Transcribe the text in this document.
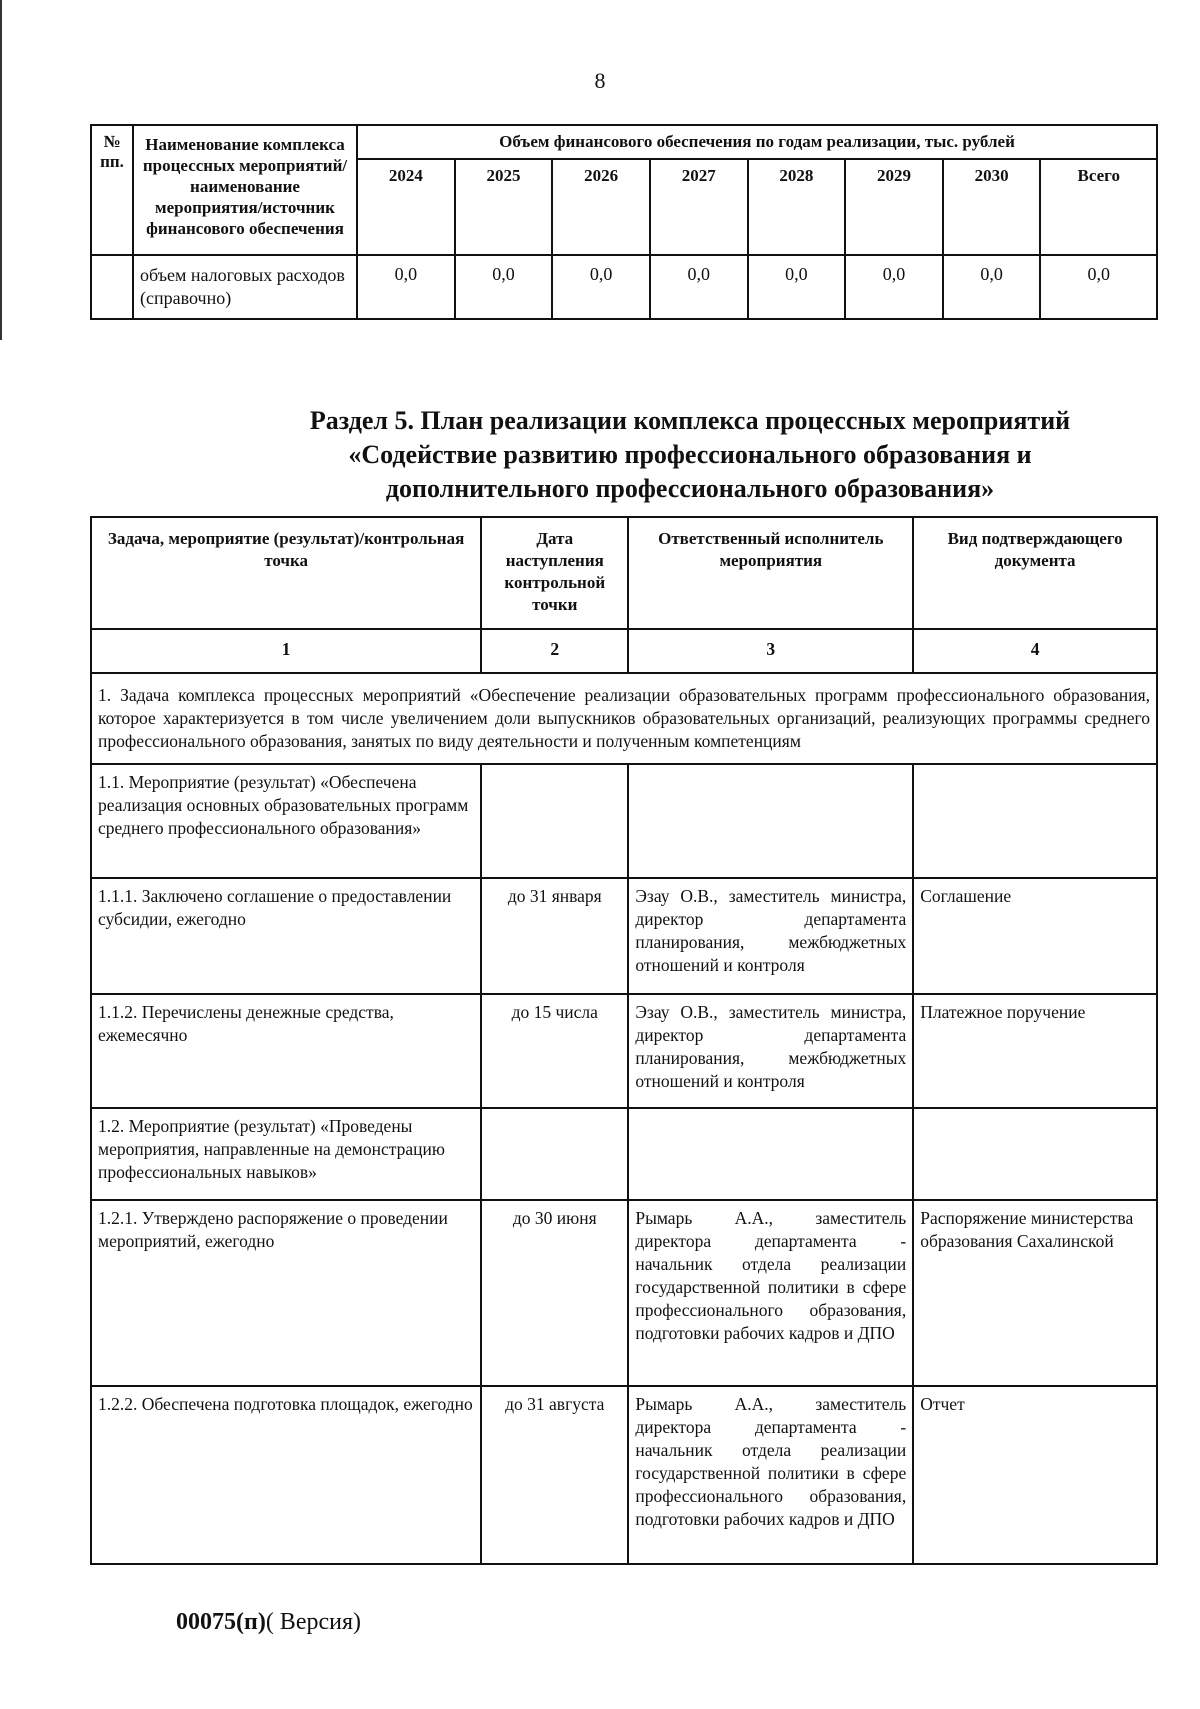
8
№ пп.	Наименование комплекса процессных мероприятий/наименование мероприятия/источник финансового обеспечения	Объем финансового обеспечения по годам реализации, тыс. рублей							
		2024	2025	2026	2027	2028	2029	2030	Всего
	объем налоговых расходов (справочно)	0,0	0,0	0,0	0,0	0,0	0,0	0,0	0,0
Раздел 5. План реализации комплекса процессных мероприятий
«Содействие развитию профессионального образования и
дополнительного профессионального образования»
Задача, мероприятие (результат)/контрольная точка	Дата наступления контрольной точки	Ответственный исполнитель мероприятия	Вид подтверждающего документа
1	2	3	4
1. Задача комплекса процессных мероприятий «Обеспечение реализации образовательных программ профессионального образования, которое характеризуется в том числе увеличением доли выпускников образовательных организаций, реализующих программы среднего профессионального образования, занятых по виду деятельности и полученным компетенциям			
1.1. Мероприятие (результат) «Обеспечена реализация основных образовательных программ среднего профессионального образования»			
1.1.1. Заключено соглашение о предоставлении субсидии, ежегодно	до 31 января	Эзау О.В., заместитель министра, директор департамента планирования, межбюджетных отношений и контроля	Соглашение
1.1.2. Перечислены денежные средства, ежемесячно	до 15 числа	Эзау О.В., заместитель министра, директор департамента планирования, межбюджетных отношений и контроля	Платежное поручение
1.2. Мероприятие (результат) «Проведены мероприятия, направленные на демонстрацию профессиональных навыков»			
1.2.1. Утверждено распоряжение о проведении мероприятий, ежегодно	до 30 июня	Рымарь А.А., заместитель директора департамента - начальник отдела реализации государственной политики в сфере профессионального образования, подготовки рабочих кадров и ДПО	Распоряжение министерства образования Сахалинской
1.2.2. Обеспечена подготовка площадок, ежегодно	до 31 августа	Рымарь А.А., заместитель директора департамента - начальник отдела реализации государственной политики в сфере профессионального образования, подготовки рабочих кадров и ДПО	Отчет
00075(п)( Версия)
